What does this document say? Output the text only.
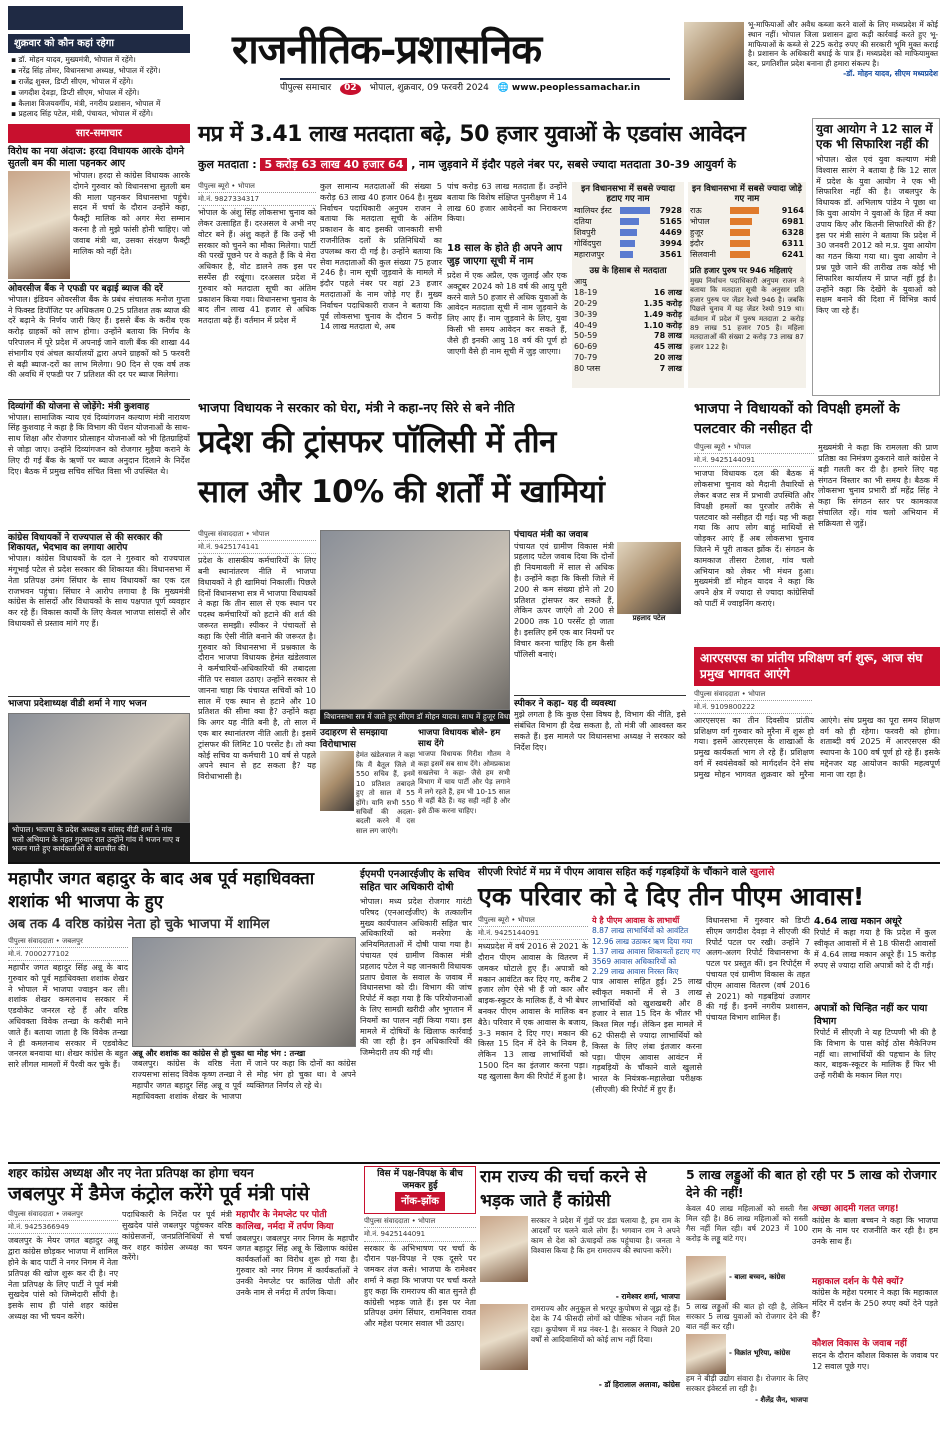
राजनीतिक-प्रशासनिक
पीपुल्स समाचार 02 भोपाल, शुक्रवार, 09 फरवरी 2024 🌐 www.peoplessamachar.in
भू-माफियाओं और अवैध कब्जा करने वालों के लिए मध्यप्रदेश में कोई स्थान नहीं। भोपाल जिला प्रशासन द्वारा कड़ी कार्रवाई करते हुए भू-माफियाओं के कब्जे से 225 करोड़ रुपए की सरकारी भूमि मुक्त कराई है। प्रशासन के अधिकारी बधाई के पात्र हैं। मध्यप्रदेश को माफियामुक्त कर, प्रगतिशील प्रदेश बनाना ही हमारा संकल्प है।
-डॉ. मोहन यादव, सीएम मध्यप्रदेश
शुक्रवार को कौन कहां रहेगा
▪ डॉ. मोहन यादव, मुख्यमंत्री, भोपाल में रहेंगे।
▪ नरेंद्र सिंह तोमर, विधानसभा अध्यक्ष, भोपाल में रहेंगे।
▪ राजेंद्र शुक्ल, डिप्टी सीएम, भोपाल में रहेंगे।
▪ जगदीश देवड़ा, डिप्टी सीएम, भोपाल में रहेंगे।
▪ कैलाश विजयवर्गीय, मंत्री, नगरीय प्रशासन, भोपाल में
▪ प्रहलाद सिंह पटेल, मंत्री, पंचायत, भोपाल में रहेंगे।
सार-समाचार
विरोध का नया अंदाज: हरदा विधायक आरके दोगने सुतली बम की माला पहनकर आए
भोपाल। हरदा से कांग्रेस विधायक आरके दोगने गुरुवार को विधानसभा सुतली बम की माला पहनकर विधानसभा पहुंचे। सदन में चर्चा के दौरान उन्होंने कहा, फैक्ट्री मालिक को अगर मेरा सम्मान करना है तो मुझे फांसी होनी चाहिए। जो जवाब मंत्री था, उसका संरक्षण फैक्ट्री मालिक को नहीं देते।
ओवरसीज बैंक ने एफडी पर बढ़ाई ब्याज की दरें
भोपाल। इंडियन ओवरसीज बैंक के प्रबंध संचालक मनोज गुप्ता ने फिक्स्ड डिपॉजिट पर अधिकतम 0.25 प्रतिशत तक ब्याज की दरें बढ़ाने के निर्णय जारी किए हैं। इससे बैंक के करीब एक करोड़ ग्राहकों को लाभ होगा। उन्होंने बताया कि निर्णय के परिपालन में पूरे प्रदेश में अपनाई जाने वाली बैंक की शाखा 44 संभागीय एवं अंचल कार्यालयों द्वारा अपने ग्राहकों को 5 फरवरी से बढ़ी ब्याज-दरों का लाभ मिलेगा। 90 दिन से एक वर्ष तक की अवधि में एफडी पर 7 प्रतिशत की दर पर ब्याज मिलेगा।
दिव्यांगों की योजना से जोड़ेंगे: मंत्री कुशवाह
भोपाल। सामाजिक न्याय एवं दिव्यांगजन कल्याण मंत्री नारायण सिंह कुशवाह ने कहा है कि विभाग की पेंशन योजनाओं के साथ-साथ शिक्षा और रोजगार प्रोत्साहन योजनाओं को भी हितग्राहियों से जोड़ा जाए। उन्होंने दिव्यांगजन को रोजगार मुहैया कराने के लिए दी गई बैंक के ऋणों पर ब्याज अनुदान दिलाने के निर्देश दिए। बैठक में प्रमुख सचिव संचित विसा भी उपस्थित थे।
कांग्रेस विधायकों ने राज्यपाल से की सरकार की शिकायत, भेदभाव का लगाया आरोप
भोपाल। कांग्रेस विधायकों के दल ने गुरुवार को राज्यपाल मंगूभाई पटेल से प्रदेश सरकार की शिकायत की। विधानसभा में नेता प्रतिपक्ष उमंग सिंघार के साथ विधायकों का एक दल राजभवन पहुंचा। सिंघार ने आरोप लगाया है कि मुख्यमंत्री कांग्रेस के सांसदों और विधायकों के साथ पक्षपात पूर्ण व्यवहार कर रहे हैं। विकास कार्यों के लिए केवल भाजपा सांसदों से और विधायकों से प्रस्ताव मांगे गए हैं।
भाजपा प्रदेशाध्यक्ष वीडी शर्मा ने गाए भजन
भोपाल। भाजपा के प्रदेश अध्यक्ष व सांसद वीडी शर्मा ने गांव चलो अभियान के तहत गुरुवार रात उन्होंने गांव में भजन गाए व भजन गाते हुए कार्यकर्ताओं से बातचीत की।
मप्र में 3.41 लाख मतदाता बढ़े, 50 हजार युवाओं के एडवांस आवेदन
कुल मतदाता : 5 करोड़ 63 लाख 40 हजार 64 , नाम जुड़वाने में इंदौर पहले नंबर पर, सबसे ज्यादा मतदाता 30-39 आयुवर्ग के
पीपुल्स ब्यूरो • भोपाल
मो.नं. 9827334317
भोपाल के अंशु सिंह लोकसभा चुनाव को लेकर उत्साहित हैं। दरअसल वे अभी नए वोटर बने हैं। अंशु कहते हैं कि उन्हें भी सरकार को चुनने का मौका मिलेगा। पार्टी की परखें पूछने पर वे कहते हैं कि ये मेरा अधिकार है, वोट डालने तक इस पर सस्पेंस ही रखूंगा। दरअसल प्रदेश में गुरुवार को मतदाता सूची का अंतिम प्रकाशन किया गया। विधानसभा चुनाव के बाद तीन लाख 41 हजार से अधिक मतदाता बढ़े हैं। वर्तमान में प्रदेश में
कुल सामान्य मतदाताओं की संख्या 5 करोड़ 63 लाख 40 हजार 064 है। मुख्य निर्वाचन पदाधिकारी अनुपम राजन ने बताया कि मतदाता सूची के अंतिम प्रकाशन के बाद इसकी जानकारी सभी राजनीतिक दलों के प्रतिनिधियों का उपलब्ध करा दी गई है। उन्होंने बताया कि सेवा मतदाताओं की कुल संख्या 75 हजार 246 है। नाम सूची जुड़वाने के मामले में इंदौर पहले नंबर पर वहां 23 हजार मतदाताओं के नाम जोड़े गए हैं। मुख्य निर्वाचन पदाधिकारी राजन ने बताया कि पूर्व लोकसभा चुनाव के दौरान 5 करोड़ 14 लाख मतदाता थे, अब
पांच करोड़ 63 लाख मतदाता हैं। उन्होंने बताया कि विशेष संक्षिप्त पुनरीक्षण में 14 लाख 60 हजार आवेदनों का निराकरण किया।
18 साल के होते ही अपने आप जुड़ जाएगा सूची में नाम
प्रदेश में एक अप्रैल, एक जुलाई और एक अक्टूबर 2024 को 18 वर्ष की आयु पूरी करने वाले 50 हजार से अधिक युवाओं के आवेदन मतदाता सूची में नाम जुड़वाने के लिए आए हैं। नाम जुड़वाने के लिए, युवा किसी भी समय आवेदन कर सकते हैं, जैसे ही इनकी आयु 18 वर्ष की पूर्ण हो जाएगी वैसे ही नाम सूची में जुड़ जाएगा।
इन विधानसभा में सबसे ज्यादा हटाए गए नाम
ग्वालियर ईस्ट		7928
दतिया		5165
शिवपुरी		4469
गोविंदपुरा		3994
महाराजपुर		3561
उम्र के हिसाब से मतदाता
आयु		
18-19		16 लाख
20-29		1.35 करोड़
30-39		1.49 करोड़
40-49		1.10 करोड़
50-59		78 लाख
60-69		45 लाख
70-79		20 लाख
80 प्लस		7 लाख
इन विधानसभा में सबसे ज्यादा जोड़े गए नाम
राऊ		9164
भोपाल		6981
हुजूर		6328
इंदौर		6311
सिलवानी		6241
प्रति हजार पुरुष पर 946 महिलाएं
मुख्य निर्वाचन पदाधिकारी अनुपम राजन ने बताया कि मतदाता सूची के अनुसार प्रति हजार पुरुष पर जेंडर रेश्यो 946 है। जबकि पिछले चुनाव में यह जेंडर रेश्यो 919 था। वर्तमान में प्रदेश में पुरुष मतदाता 2 करोड़ 89 लाख 51 हजार 705 है। महिला मतदाताओं की संख्या 2 करोड़ 73 लाख 87 हजार 122 है।
युवा आयोग ने 12 साल में एक भी सिफारिश नहीं की
भोपाल। खेल एवं युवा कल्याण मंत्री विश्वास सारंग ने बताया है कि 12 साल में प्रदेश के युवा आयोग ने एक भी सिफारिश नहीं की है। जबलपुर के विधायक डॉ. अभिलाष पांडेय ने पूछा था कि युवा आयोग ने युवाओं के हित में क्या उपाय किए और कितनी सिफारिशें की हैं? इस पर मंत्री सारंग ने बताया कि प्रदेश में 30 जनवरी 2012 को म.प्र. युवा आयोग का गठन किया गया था। युवा आयोग ने प्रश्न पूछे जाने की तारीख तक कोई भी सिफारिश कार्यालय में प्राप्त नहीं हुई है। उन्होंने कहा कि देखेंगे के युवाओं को सक्षम बनाने की दिशा में विभिन्न कार्य किए जा रहे हैं।
भाजपा विधायक ने सरकार को घेरा, मंत्री ने कहा-नए सिरे से बने नीति
प्रदेश की ट्रांसफर पॉलिसी में तीन
साल और 10% की शर्तों में खामियां
पीपुल्स संवाददाता • भोपाल
मो.नं. 9425174141
प्रदेश के शासकीय कर्मचारियों के लिए बनी स्थानांतरण नीति में भाजपा विधायकों ने ही खामियां निकालीं। पिछले दिनों विधानसभा सत्र में भाजपा विधायकों ने कहा कि तीन साल से एक स्थान पर पदस्थ कर्मचारियों को हटाने की शर्त की जरूरत समझी। स्पीकर ने पंचायतों से कहा कि ऐसी नीति बनाने की जरूरत है। गुरुवार को विधानसभा में प्रश्नकाल के दौरान भाजपा विधायक हेमंत खंडेलवाल ने कर्मचारियों-अधिकारियों की तबादला नीति पर सवाल उठाए। उन्होंने सरकार से जानना चाहा कि पंचायत सचिवों को 10 साल में एक स्थान से हटाने और 10 प्रतिशत की सीमा क्या है? उन्होंने कहा कि अगर यह नीति बनी है, तो साल में एक बार स्थानांतरण नीति आती है। इसमें ट्रांसफर की लिमिट 10 परसेंट है। तो क्या कोई सचिव या कर्मचारी 10 वर्ष से पहले अपने स्थान से हट सकता है? यह विरोधाभासी है।
विधानसभा सत्र में जाते हुए सीएम डॉ मोहन यादव। साथ में हुजूर विधायक रामेश्वर शर्मा।
उदाहरण से समझाया विरोधाभास
हेमंत खंडेलवाल ने कहा कि मैं बैतूल जिले में 550 सचिव हैं, इनमें 10 प्रतिशत तबादले हुए तो साल में 55 होंगे। यानि सभी 550 सचिवों की अदला-बदली करने में दस साल लग जाएंगे।
भाजपा विधायक बोले- हम साथ देंगे
भाजपा विधायक गिरीश गौतम ने कहा इसमें सब साथ देंगे। ओमप्रकाश सखलेचा ने कहा- जैसे हम सभी विभाग में चाय पार्टी और पेड़ लगाने में लगे रहते हैं, हम भी 10-15 साल से वहीं बैठे हैं। यह सही नहीं है और इसे ठीक करना चाहिए।
पंचायत मंत्री का जवाब
पंचायत एवं ग्रामीण विकास मंत्री प्रहलाद पटेल जवाब दिया कि दोनों ही नियमावली में साल से अधिक है। उन्होंने कहा कि किसी जिले में 200 से कम संख्या होने तो 20 प्रतिशत ट्रांसफर कर सकते हैं, लेकिन ऊपर जाएंगे तो 200 से 2000 तक 10 परसेंट हो जाता है। इसलिए हमें एक बार नियमों पर विचार करना चाहिए कि हम कैसी पॉलिसी बनाएं।
प्रहलाद पटेल
स्पीकर ने कहा- यह दी व्यवस्था
मुझे लगता है कि कुछ ऐसा विषय है, विभाग की नीति, इसे संबंधित विभाग ही देख सकता है, तो मंत्री जी आश्वस्त कर सकते हैं। इस मामले पर विधानसभा अध्यक्ष ने सरकार को निर्देश दिए।
भाजपा ने विधायकों को विपक्षी हमलों के पलटवार की नसीहत दी
पीपुल्स ब्यूरो • भोपाल
मो.नं. 9425144091
भाजपा विधायक दल की बैठक में लोकसभा चुनाव को मैदानी तैयारियों से लेकर बजट सत्र में प्रभावी उपस्थिति और विपक्षी हमलों का पुरजोर तरीके से पलटवार को नसीहत दी गई। यह भी कहा गया कि आप लोग बाहुं माथियों से जोड़कर आएं हैं अब लोकसभा चुनाव जितने में पूरी ताकत झोंक दें। संगठन के कामकाज तीसरा टेलाश, गांव चलो अभियान को लेकर भी मंथन हुआ। मुख्यमंत्री डॉ मोहन यादव ने कहा कि अपने क्षेत्र में ज्यादा से ज्यादा कांग्रेसियों को पार्टी में ज्वाइनिंग कराएं।
मुख्यमंत्री ने कहा कि रामलला की प्राण प्रतिष्ठा का निमंत्रण ठुकराने वाले कांग्रेस ने बड़ी गलती कर दी है। हमारे लिए यह संगठन विस्तार का भी समय है। बैठक में लोकसभा चुनाव प्रभारी डॉ महेंद्र सिंह ने कहा कि संगठन स्तर पर कामकाज संचालित रहें। गांव चलो अभियान में सक्रियता से जुड़ें।
आरएसएस का प्रांतीय प्रशिक्षण वर्ग शुरू, आज संघ प्रमुख भागवत आएंगे
पीपुल्स संवाददाता • भोपाल
मो.नं. 9109800222
आरएसएस का तीन दिवसीय प्रांतीय प्रशिक्षण वर्ग गुरुवार को मुरैना में शुरू हो गया। इसमें आरएसएस के शाखाओं के प्रमुख कार्यकर्ता भाग ले रहे हैं। प्रशिक्षण वर्ग में स्वयंसेवकों को मार्गदर्शन देने संघ प्रमुख मोहन भागवत शुक्रवार को मुरैना आएंगे। संघ प्रमुख का पूरा समय शिक्षण वर्ग को ही रहेगा। फरवरी को होगा। शताब्दी वर्ष 2025 में आरएसएस की स्थापना के 100 वर्ष पूर्ण हो रहे हैं। इसके मद्देनजर यह आयोजन काफी महत्वपूर्ण माना जा रहा है।
महापौर जगत बहादुर के बाद अब पूर्व महाधिवक्ता शशांक भी भाजपा के हुए
अब तक 4 वरिष्ठ कांग्रेस नेता हो चुके भाजपा में शामिल
पीपुल्स संवाददाता • जबलपुर
मो.नं. 7000277102
महापौर जगत बहादुर सिंह अन्नू के बाद गुरुवार को पूर्व महाधिवक्ता शशांक शेखर ने भोपाल में भाजपा ज्वाइन कर ली। शशांक शेखर कमलनाथ सरकार में एडवोकेट जनरल रहे हैं और वरिष्ठ अधिवक्ता विवेक तन्खा के करीबी माने जाते हैं। बताया जाता है कि विवेक तन्खा ने ही कमलनाथ सरकार में एडवोकेट जनरल बनवाया था। शेखर कांग्रेस के बहुत सारे लीगल मामलों में पैरवी कर चुके हैं।
अन्नू और शशांक का कांग्रेस से हो चुका था मोह भंग : तन्खा
जबलपुर। कांग्रेस के वरिष्ठ नेता राज्यसभा सांसद विवेक कृष्ण तन्खा ने महापौर जगत बहादुर सिंह अन्नू व पूर्व महाधिवक्ता शशांक शेखर के भाजपा में जाने पर कहा कि दोनों का कांग्रेस से मोह भंग हो चुका था। वे अपने व्यक्तिगत निर्णय ले रहे थे।
ईएमपी एनआरईजीए के सचिव सहित चार अधिकारी दोषी
भोपाल। मध्य प्रदेश रोजगार गारंटी परिषद (एनआरईजीए) के तत्कालीन मुख्य कार्यपालन अधिकारी सहित चार अधिकारियों को मनरेगा के अनियमितताओं में दोषी पाया गया है। पंचायत एवं ग्रामीण विकास मंत्री प्रहलाद पटेल ने यह जानकारी विधायक प्रताप ग्रेवाल के सवाल के जवाब में विधानसभा को दी। विभाग की जांच रिपोर्ट में कहा गया है कि परियोजनाओं के लिए सामग्री खरीदी और भुगतान में नियमों का पालन नहीं किया गया। इस मामले में दोषियों के खिलाफ कार्रवाई की जा रही है। इन अधिकारियों की जिम्मेदारी तय की गई थी।
सीएजी रिपोर्ट में मप्र में पीएम आवास सहित कई गड़बड़ियों के चौंकाने वाले खुलासे
एक परिवार को दे दिए तीन पीएम आवास!
पीपुल्स ब्यूरो • भोपाल
मो.नं. 9425144091
मध्यप्रदेश में वर्ष 2016 से 2021 के दौरान पीएम आवास के वितरण में जमकर घोटाले हुए हैं। अपात्रों को मकान आवंटित कर दिए गए, करीब 2 हजार लोग ऐसे भी हैं जो कार और बाइक-स्कूटर के मालिक हैं, वे भी बेघर बनकर पीएम आवास के मालिक बन बैठे। परिवार में एक आवास के बजाय, 3-3 मकान दे दिए गए। मकान की किस्त 15 दिन में देने के नियम है, लेकिन 13 लाख लाभार्थियों को 1500 दिन का इंतजार करना पड़ा। यह खुलासा कैग की रिपोर्ट में हुआ है।
ये है पीएम आवास के लाभार्थी
8.87 लाख लाभार्थियों को आवंटित
12.96 लाख उठाकर ऋण दिया गया
1.37 लाख आवास शिकायतों हटाए गए
3569 आवास अधिकारियों को
2.29 लाख आवास निरस्त किए
पात्र आवास सहित हुई। 25 लाख स्वीकृत मकानों में से 3 लाख लाभार्थियों को खुशखबरी और 8 हजार ने सात 15 दिन के भीतर भी किश्त मिल गई। लेकिन इस मामले में 62 फीसदी से ज्यादा लाभार्थियों को किस्त के लिए लंबा इंतजार करना पड़ा। पीएम आवास आवंटन में गड़बड़ियों के चौंकाने वाले खुलासे भारत के नियंत्रक-महालेखा परीक्षक (सीएजी) की रिपोर्ट में हुए हैं।
विधानसभा में गुरुवार को डिप्टी सीएम जगदीश देवड़ा ने सीएजी की रिपोर्ट पटल पर रखी। उन्होंने 7 अलग-अलग रिपोर्ट विधानसभा के पटल पर प्रस्तुत कीं। इन रिपोर्ट्स में पंचायत एवं ग्रामीण विकास के तहत पीएम आवास वितरण (वर्ष 2016 से 2021) को गड़बड़ियां उजागर की गई हैं। इनमें नगरीय प्रशासन, पंचायत विभाग शामिल हैं।
4.64 लाख मकान अधूरे
रिपोर्ट में कहा गया है कि प्रदेश में कुल स्वीकृत आवासों में से 18 फीसदी आवासों में 4.64 लाख मकान अधूरे हैं। 15 करोड़ रुपए से ज्यादा राशि अपात्रों को दे दी गई।
अपात्रों को चिन्हित नहीं कर पाया विभाग
रिपोर्ट में सीएजी ने यह टिप्पणी भी की है कि विभाग के पास कोई ठोस मैकेनिज्म नहीं था। लाभार्थियों की पहचान के लिए कार, बाइक-स्कूटर के मालिक हैं फिर भी उन्हें गरीबी के मकान मिल गए।
शहर कांग्रेस अध्यक्ष और नए नेता प्रतिपक्ष का होगा चयन
जबलपुर में डैमेज कंट्रोल करेंगे पूर्व मंत्री पांसे
पीपुल्स संवाददाता • जबलपुर
मो.नं. 9425366949
जबलपुर के मेयर जगत बहादुर अन्नू द्वारा कांग्रेस छोड़कर भाजपा में शामिल होने के बाद पार्टी ने नगर निगम में नेता प्रतिपक्ष की खोज शुरू कर दी है। नए नेता प्रतिपक्ष के लिए पार्टी ने पूर्व मंत्री सुखदेव पांसे को जिम्मेदारी सौंपी है। इसके साथ ही पांसे शहर कांग्रेस अध्यक्ष का भी चयन करेंगे।
पदाधिकारी के निर्देश पर पूर्व मंत्री सुखदेव पांसे जबलपुर पहुंचकर वरिष्ठ कांग्रेसजनों, जनप्रतिनिधियों से चर्चा कर शहर कांग्रेस अध्यक्ष का चयन करेंगे।
महापौर के नेमप्लेट पर पोती कालिख, नर्मदा में तर्पण किया
जबलपुर। जबलपुर नगर निगम के महापौर जगत बहादुर सिंह अन्नू के खिलाफ कांग्रेस कार्यकर्ताओं का विरोध शुरू हो गया है। गुरुवार को नगर निगम में कार्यकर्ताओं ने उनकी नेमप्लेट पर कालिख पोती और उनके नाम से नर्मदा में तर्पण किया।
विस में पक्ष-विपक्ष के बीच जमकर हुई
नोंक-झोंक
पीपुल्स संवाददाता • भोपाल
मो.नं. 9425144091
सरकार के अभिभाषण पर चर्चा के दौरान पक्ष-विपक्ष ने एक दूसरे पर जमकर तंज कसे। भाजपा के रामेश्वर शर्मा ने कहा कि भाजपा पर चर्चा करते हुए कहा कि रामराज्य की बात सुनते ही कांग्रेसी भड़क जाते हैं। इस पर नेता प्रतिपक्ष उमंग सिंघार, रामनिवास रावत और महेश परमार सवाल भी उठाए।
राम राज्य की चर्चा करने से भड़क जाते हैं कांग्रेसी
सरकार ने प्रदेश में गुंडों पर डंडा चलाया है, हम राम के आदर्शों पर चलने वाले लोग हैं। भगवान राम ने अपने काम से देश को ऊंचाइयों तक पहुंचाया है। जनता ने विश्वास किया है कि हम रामराज्य की स्थापना करेंगे।
- रामेश्वर शर्मा, भाजपा
रामराज्य और अनुकूल से भरपूर कुपोषण से जूझ रहे हैं। देश के 74 फीसदी लोगों को पौष्टिक भोजन नहीं मिल रहा। कुपोषण में मप्र नंबर-1 है। सरकार ने पिछले 20 वर्षों से आदिवासियों को कोई लाभ नहीं दिया।
- डॉ हिरालाल अलावा, कांग्रेस
5 लाख लड्डुओं की बात हो रही पर 5 लाख को रोजगार देने की नहीं!
केवल 40 लाख महिलाओं को सस्ती गैस मिल रही है। 86 लाख महिलाओं को सस्ती गैस नहीं मिल रही। वर्ष 2023 में 100 करोड़ के लड्डू बांटे गए।
- बाला बच्चन, कांग्रेस
5 लाख लड्डुओं की बात हो रही है, लेकिन सरकार 5 लाख युवाओं को रोजगार देने की बात नहीं कर रही।
- विक्रांत भूरिया, कांग्रेस
हम ने बीड़ी उद्योग संवारा है। रोजगार के लिए सरकार इंवेस्टर्स ला रही है।
- शैलेंद्र जैन, भाजपा
अच्छा आदमी गलत जगह!
कांग्रेस के बाला बच्चन ने कहा कि भाजपा राम के नाम पर राजनीति कर रही है। हम उनके साथ हैं।
महाकाल दर्शन के पैसे क्यों?
कांग्रेस के महेश परमार ने कहा कि महाकाल मंदिर में दर्शन के 250 रुपए क्यों देने पड़ते हैं?
कौशल विकास के जवाब नहीं
सदन के दौरान कौशल विकास के जवाब पर 12 सवाल पूछे गए।
